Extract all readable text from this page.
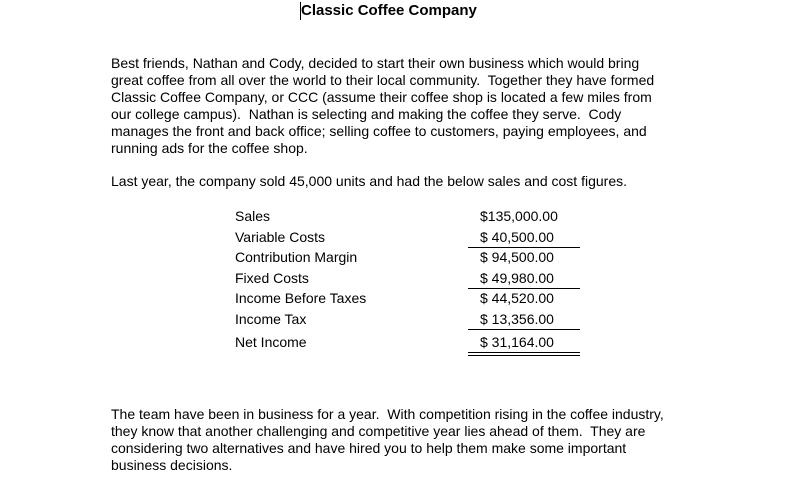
Classic Coffee Company

Best friends, Nathan and Cody, decided to start their own business which would bring
great coffee from all over the world to their local community.  Together they have formed
Classic Coffee Company, or CCC (assume their coffee shop is located a few miles from
our college campus).  Nathan is selecting and making the coffee they serve.  Cody
manages the front and back office; selling coffee to customers, paying employees, and
running ads for the coffee shop.

Last year, the company sold 45,000 units and had the below sales and cost figures.

Sales	$135,000.00
Variable Costs	$ 40,500.00
Contribution Margin	$ 94,500.00
Fixed Costs	$ 49,980.00
Income Before Taxes	$ 44,520.00
Income Tax	$ 13,356.00
Net Income	$ 31,164.00

The team have been in business for a year.  With competition rising in the coffee industry,
they know that another challenging and competitive year lies ahead of them.  They are
considering two alternatives and have hired you to help them make some important
business decisions.
